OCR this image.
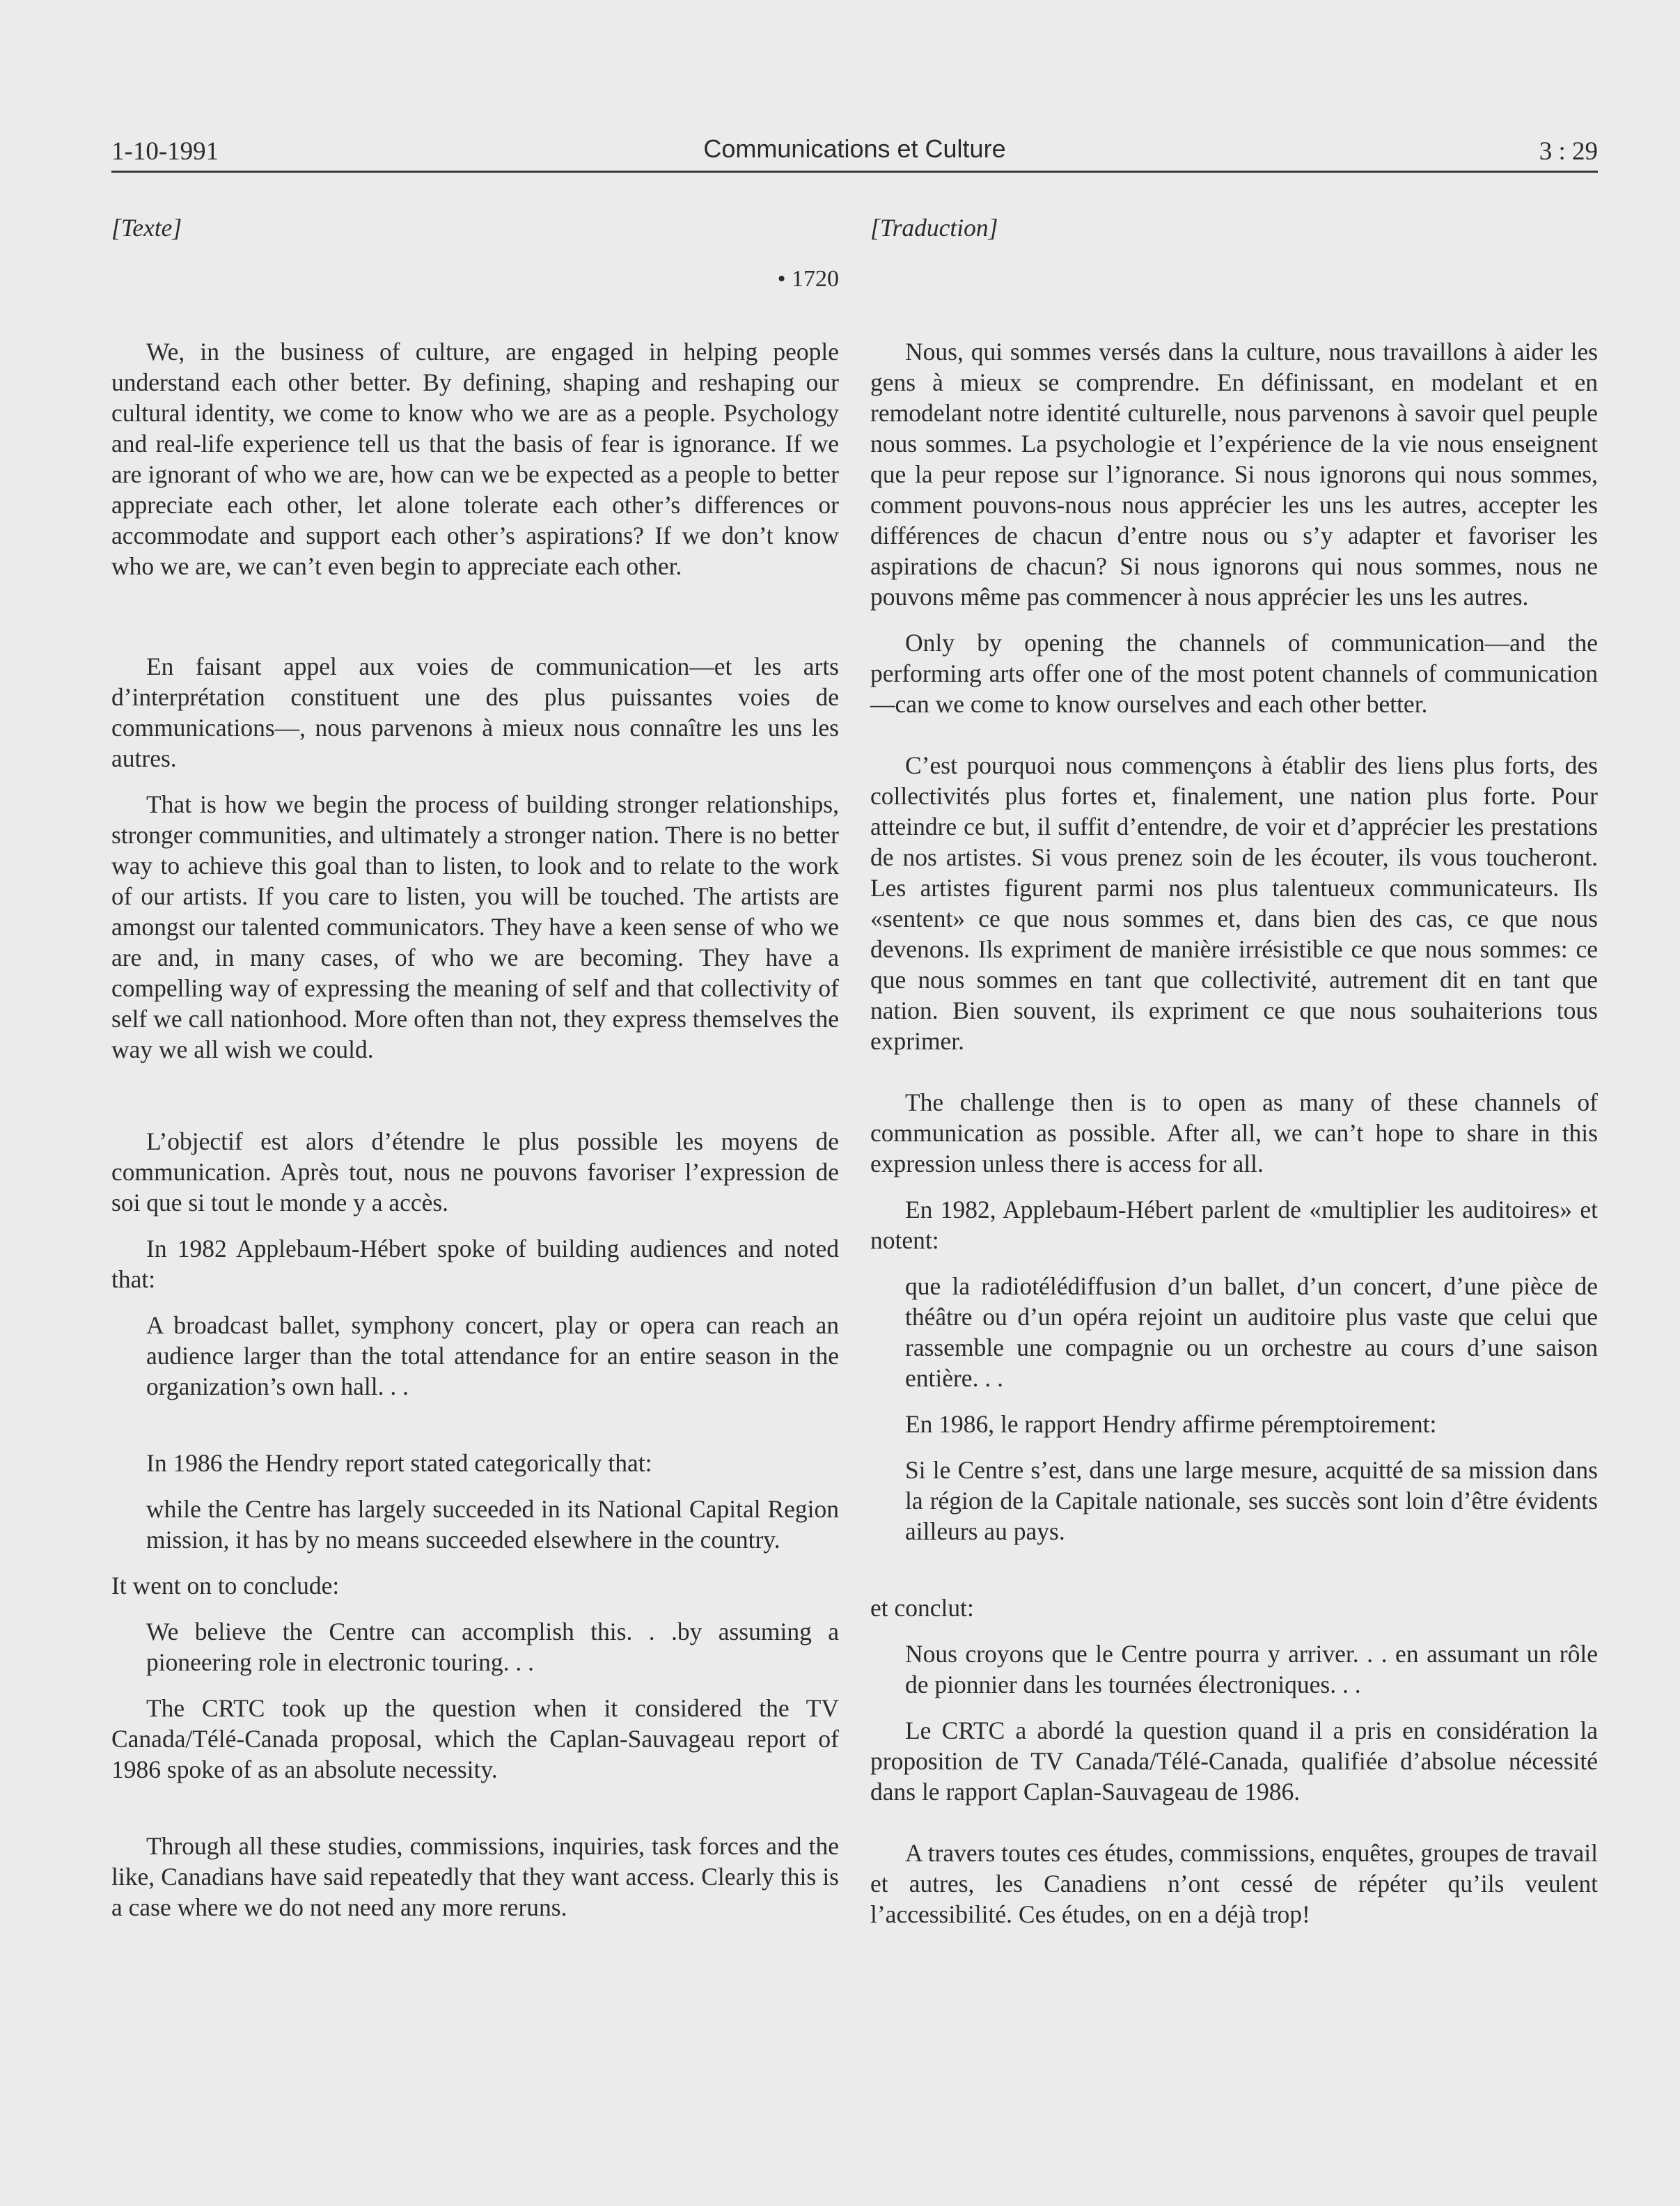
1-10-1991	Communications et Culture	3 : 29
[Texte]
• 1720

We, in the business of culture, are engaged in helping people understand each other better. By defining, shaping and reshaping our cultural identity, we come to know who we are as a people. Psychology and real-life experience tell us that the basis of fear is ignorance. If we are ignorant of who we are, how can we be expected as a people to better appreciate each other, let alone tolerate each other’s differences or accommodate and support each other’s aspirations? If we don’t know who we are, we can’t even begin to appreciate each other.

En faisant appel aux voies de communication—et les arts d’interprétation constituent une des plus puissantes voies de communications—, nous parvenons à mieux nous connaître les uns les autres.

That is how we begin the process of building stronger relationships, stronger communities, and ultimately a stronger nation. There is no better way to achieve this goal than to listen, to look and to relate to the work of our artists. If you care to listen, you will be touched. The artists are amongst our talented communicators. They have a keen sense of who we are and, in many cases, of who we are becoming. They have a compelling way of expressing the meaning of self and that collectivity of self we call nationhood. More often than not, they express themselves the way we all wish we could.

L’objectif est alors d’étendre le plus possible les moyens de communication. Après tout, nous ne pouvons favoriser l’expression de soi que si tout le monde y a accès.

In 1982 Applebaum-Hébert spoke of building audiences and noted that:

A broadcast ballet, symphony concert, play or opera can reach an audience larger than the total attendance for an entire season in the organization’s own hall. . .

In 1986 the Hendry report stated categorically that:

while the Centre has largely succeeded in its National Capital Region mission, it has by no means succeeded elsewhere in the country.

It went on to conclude:

We believe the Centre can accomplish this. . .by assuming a pioneering role in electronic touring. . .

The CRTC took up the question when it considered the TV Canada/Télé-Canada proposal, which the Caplan-Sauvageau report of 1986 spoke of as an absolute necessity.

Through all these studies, commissions, inquiries, task forces and the like, Canadians have said repeatedly that they want access. Clearly this is a case where we do not need any more reruns.

[Traduction]

Nous, qui sommes versés dans la culture, nous travaillons à aider les gens à mieux se comprendre. En définissant, en modelant et en remodelant notre identité culturelle, nous parvenons à savoir quel peuple nous sommes. La psychologie et l’expérience de la vie nous enseignent que la peur repose sur l’ignorance. Si nous ignorons qui nous sommes, comment pouvons-nous nous apprécier les uns les autres, accepter les différences de chacun d’entre nous ou s’y adapter et favoriser les aspirations de chacun? Si nous ignorons qui nous sommes, nous ne pouvons même pas commencer à nous apprécier les uns les autres.

Only by opening the channels of communication—and the performing arts offer one of the most potent channels of communication—can we come to know ourselves and each other better.

C’est pourquoi nous commençons à établir des liens plus forts, des collectivités plus fortes et, finalement, une nation plus forte. Pour atteindre ce but, il suffit d’entendre, de voir et d’apprécier les prestations de nos artistes. Si vous prenez soin de les écouter, ils vous toucheront. Les artistes figurent parmi nos plus talentueux communicateurs. Ils «sentent» ce que nous sommes et, dans bien des cas, ce que nous devenons. Ils expriment de manière irrésistible ce que nous sommes: ce que nous sommes en tant que collectivité, autrement dit en tant que nation. Bien souvent, ils expriment ce que nous souhaiterions tous exprimer.

The challenge then is to open as many of these channels of communication as possible. After all, we can’t hope to share in this expression unless there is access for all.

En 1982, Applebaum-Hébert parlent de «multiplier les auditoires» et notent:

que la radiotélédiffusion d’un ballet, d’un concert, d’une pièce de théâtre ou d’un opéra rejoint un auditoire plus vaste que celui que rassemble une compagnie ou un orchestre au cours d’une saison entière. . .

En 1986, le rapport Hendry affirme péremptoirement:

Si le Centre s’est, dans une large mesure, acquitté de sa mission dans la région de la Capitale nationale, ses succès sont loin d’être évidents ailleurs au pays.

et conclut:

Nous croyons que le Centre pourra y arriver. . . en assumant un rôle de pionnier dans les tournées électroniques. . .

Le CRTC a abordé la question quand il a pris en considération la proposition de TV Canada/Télé-Canada, qualifiée d’absolue nécessité dans le rapport Caplan-Sauvageau de 1986.

A travers toutes ces études, commissions, enquêtes, groupes de travail et autres, les Canadiens n’ont cessé de répéter qu’ils veulent l’accessibilité. Ces études, on en a déjà trop!
